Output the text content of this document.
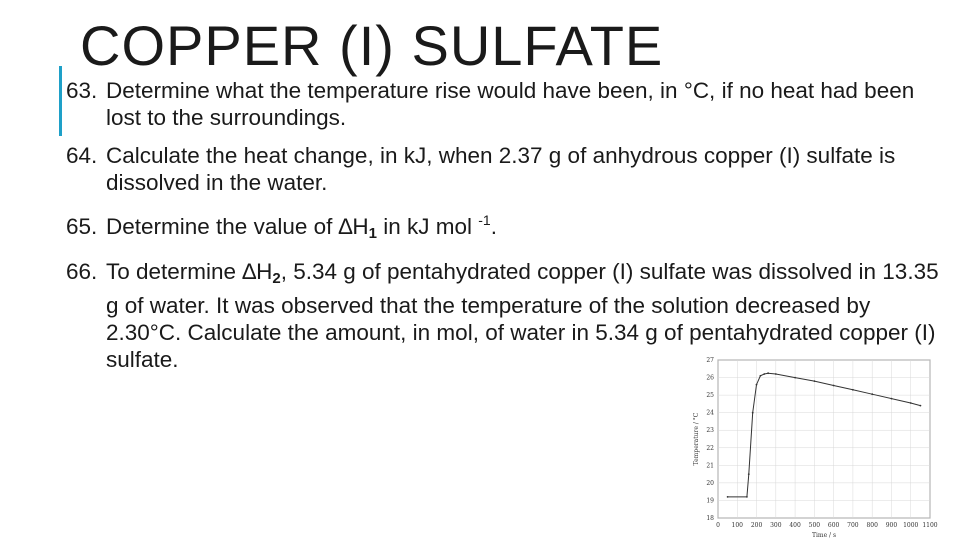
COPPER (I) SULFATE
63. Determine what the temperature rise would have been, in °C, if no heat had been lost to the surroundings.
64. Calculate the heat change, in kJ, when 2.37 g of anhydrous copper (I) sulfate is dissolved in the water.
65. Determine the value of $\Delta H_1$ in kJ mol $^{-1}$.
66. To determine $\Delta H_2$, 5.34 g of pentahydrated copper (I) sulfate was dissolved in 13.35 g of water. It was observed that the temperature of the solution decreased by 2.30°C. Calculate the amount, in mol, of water in 5.34 g of pentahydrated copper (I) sulfate.
18
19
20
21
22
23
24
25
26
27
0 100 200 300 400 500 600 700 800 900 1000 1100
Time / s
Temperature / °C
